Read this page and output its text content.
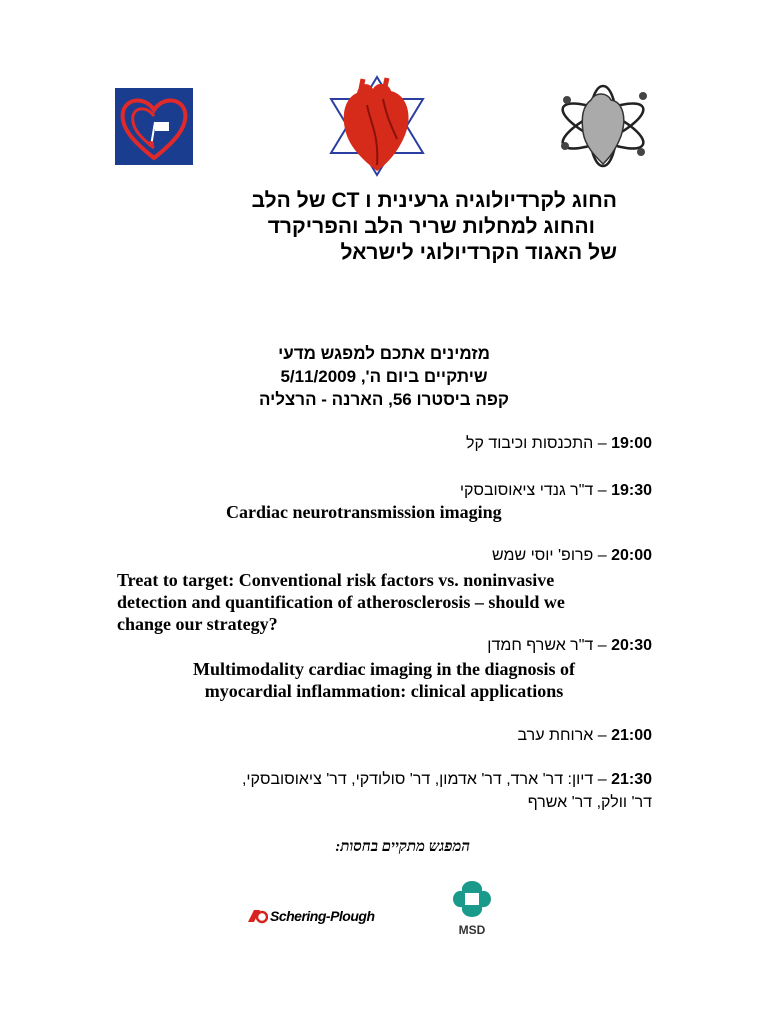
החוג לקרדיולוגיה גרעינית ו CT של הלב
והחוג למחלות שריר הלב והפריקרד
של האגוד הקרדיולוגי לישראל
מזמינים אתכם למפגש מדעי
שיתקיים ביום ה', 5/11/2009
קפה ביסטרו 56, הארנה - הרצליה
19:00 – התכנסות וכיבוד קל
19:30 – ד"ר גנדי ציאוסובסקי
Cardiac neurotransmission imaging
20:00 – פרופ' יוסי שמש
Treat to target: Conventional risk factors vs. noninvasive
detection and quantification of atherosclerosis – should we
change our strategy?
20:30 – ד"ר אשרף חמדן
Multimodality cardiac imaging in the diagnosis of
myocardial inflammation: clinical applications
21:00 – ארוחת ערב
21:30 – דיון: דר' ארד, דר' אדמון, דר' סולודקי, דר' ציאוסובסקי,
דר' וולק, דר' אשרף
המפגש מתקיים בחסות:
Schering-Plough
MSD
